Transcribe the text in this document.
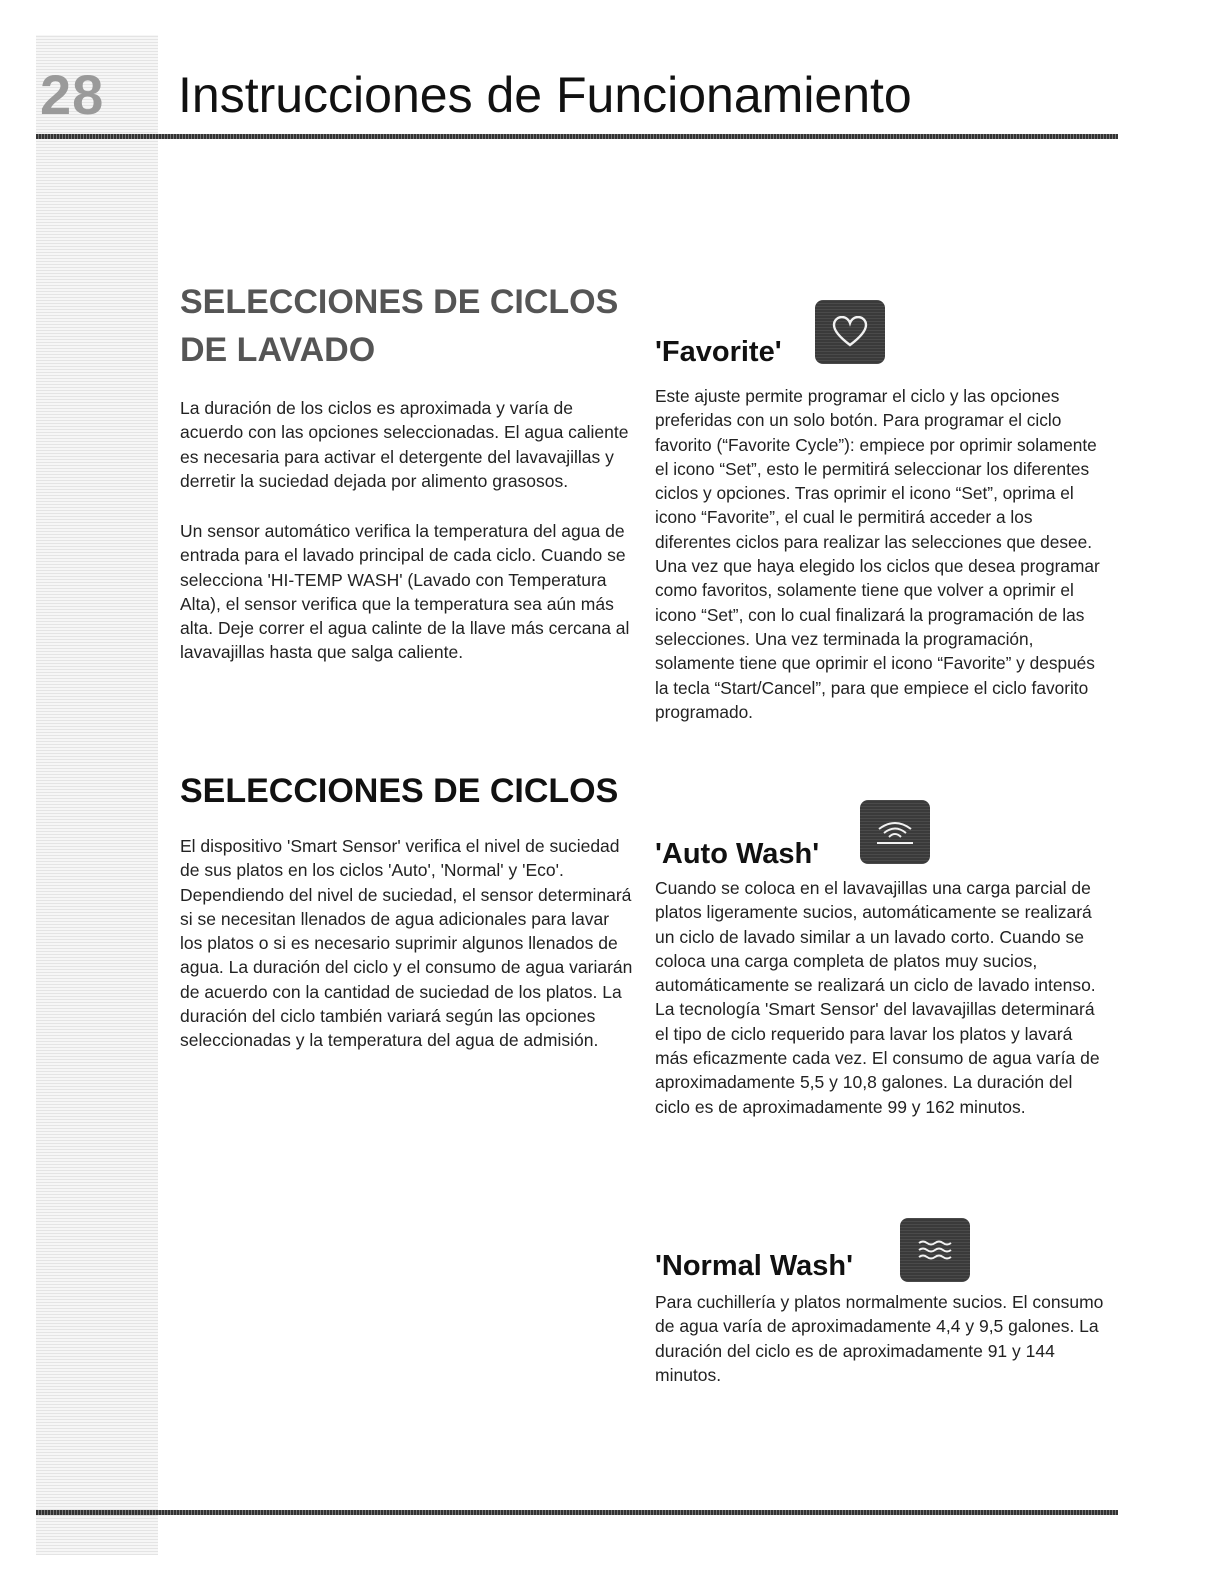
28 Instrucciones de Funcionamiento
SELECCIONES DE CICLOS DE LAVADO

La duración de los ciclos es aproximada y varía de acuerdo con las opciones seleccionadas. El agua caliente es necesaria para activar el detergente del lavavajillas y derretir la suciedad dejada por alimento grasosos.

Un sensor automático verifica la temperatura del agua de entrada para el lavado principal de cada ciclo. Cuando se selecciona 'HI-TEMP WASH' (Lavado con Temperatura Alta), el sensor verifica que la temperatura sea aún más alta. Deje correr el agua calinte de la llave más cercana al lavavajillas hasta que salga caliente.

SELECCIONES DE CICLOS

El dispositivo 'Smart Sensor' verifica el nivel de suciedad de sus platos en los ciclos 'Auto', 'Normal' y 'Eco'. Dependiendo del nivel de suciedad, el sensor determinará si se necesitan llenados de agua adicionales para lavar los platos o si es necesario suprimir algunos llenados de agua. La duración del ciclo y el consumo de agua variarán de acuerdo con la cantidad de suciedad de los platos. La duración del ciclo también variará según las opciones seleccionadas y la temperatura del agua de admisión.

'Favorite'

Este ajuste permite programar el ciclo y las opciones preferidas con un solo botón. Para programar el ciclo favorito (“Favorite Cycle”): empiece por oprimir solamente el icono “Set”, esto le permitirá seleccionar los diferentes ciclos y opciones. Tras oprimir el icono “Set”, oprima el icono “Favorite”, el cual le permitirá acceder a los diferentes ciclos para realizar las selecciones que desee. Una vez que haya elegido los ciclos que desea programar como favoritos, solamente tiene que volver a oprimir el icono “Set”, con lo cual finalizará la programación de las selecciones. Una vez terminada la programación, solamente tiene que oprimir el icono “Favorite” y después la tecla “Start/Cancel”, para que empiece el ciclo favorito programado.

'Auto Wash'

Cuando se coloca en el lavavajillas una carga parcial de platos ligeramente sucios, automáticamente se realizará un ciclo de lavado similar a un lavado corto. Cuando se coloca una carga completa de platos muy sucios, automáticamente se realizará un ciclo de lavado intenso. La tecnología 'Smart Sensor' del lavavajillas determinará el tipo de ciclo requerido para lavar los platos y lavará más eficazmente cada vez. El consumo de agua varía de aproximadamente 5,5 y 10,8 galones. La duración del ciclo es de aproximadamente 99 y 162 minutos.

'Normal Wash'

Para cuchillería y platos normalmente sucios. El consumo de agua varía de aproximadamente 4,4 y 9,5 galones. La duración del ciclo es de aproximadamente 91 y 144 minutos.
